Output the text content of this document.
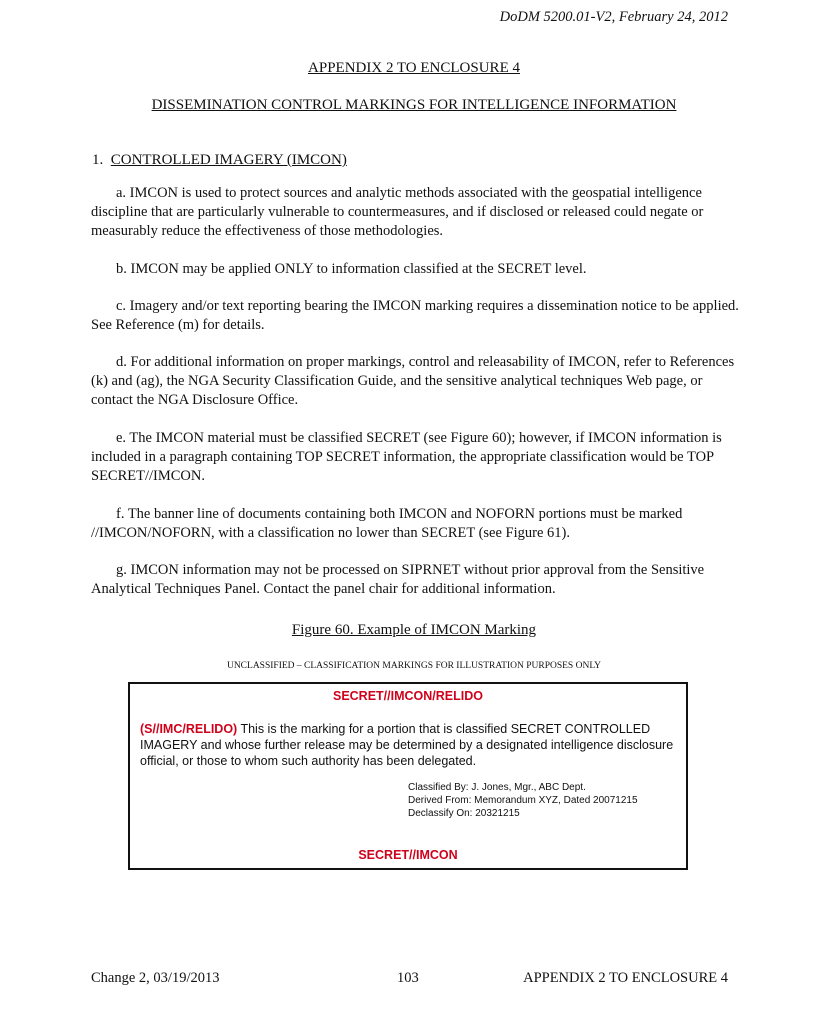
DoDM 5200.01-V2, February 24, 2012
APPENDIX 2 TO ENCLOSURE 4
DISSEMINATION CONTROL MARKINGS FOR INTELLIGENCE INFORMATION
1. CONTROLLED IMAGERY (IMCON)

a. IMCON is used to protect sources and analytic methods associated with the geospatial intelligence discipline that are particularly vulnerable to countermeasures, and if disclosed or released could negate or measurably reduce the effectiveness of those methodologies.

b. IMCON may be applied ONLY to information classified at the SECRET level.

c. Imagery and/or text reporting bearing the IMCON marking requires a dissemination notice to be applied. See Reference (m) for details.

d. For additional information on proper markings, control and releasability of IMCON, refer to References (k) and (ag), the NGA Security Classification Guide, and the sensitive analytical techniques Web page, or contact the NGA Disclosure Office.

e. The IMCON material must be classified SECRET (see Figure 60); however, if IMCON information is included in a paragraph containing TOP SECRET information, the appropriate classification would be TOP SECRET//IMCON.

f. The banner line of documents containing both IMCON and NOFORN portions must be marked //IMCON/NOFORN, with a classification no lower than SECRET (see Figure 61).

g. IMCON information may not be processed on SIPRNET without prior approval from the Sensitive Analytical Techniques Panel. Contact the panel chair for additional information.

Figure 60. Example of IMCON Marking
UNCLASSIFIED – CLASSIFICATION MARKINGS FOR ILLUSTRATION PURPOSES ONLY
SECRET//IMCON/RELIDO
(S//IMC/RELIDO) This is the marking for a portion that is classified SECRET CONTROLLED IMAGERY and whose further release may be determined by a designated intelligence disclosure official, or those to whom such authority has been delegated.
Classified By: J. Jones, Mgr., ABC Dept.
Derived From: Memorandum XYZ, Dated 20071215
Declassify On: 20321215
SECRET//IMCON
Change 2, 03/19/2013	103	APPENDIX 2 TO ENCLOSURE 4
